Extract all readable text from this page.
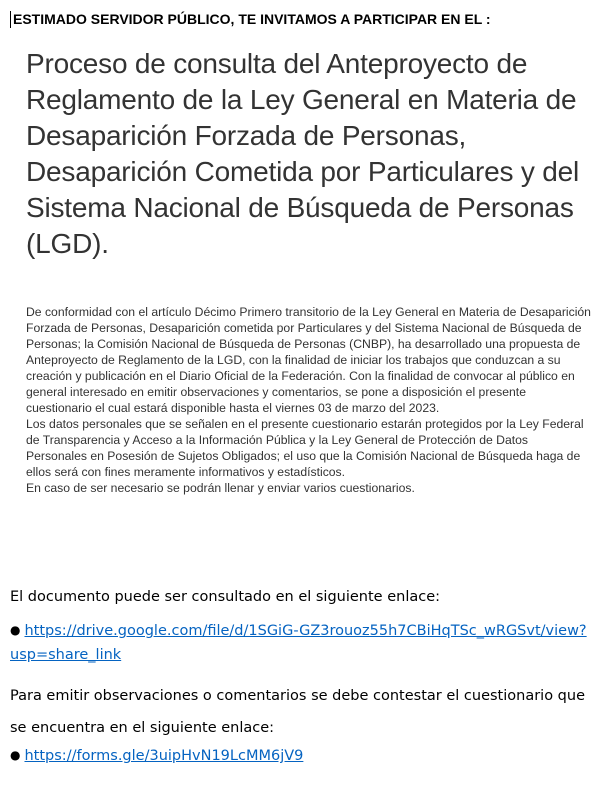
ESTIMADO SERVIDOR PÚBLICO, TE INVITAMOS A PARTICIPAR EN EL :
Proceso de consulta del Anteproyecto de Reglamento de la Ley General en Materia de Desaparición Forzada de Personas, Desaparición Cometida por Particulares y del Sistema Nacional de Búsqueda de Personas (LGD).

De conformidad con el artículo Décimo Primero transitorio de la Ley General en Materia de Desaparición Forzada de Personas, Desaparición cometida por Particulares y del Sistema Nacional de Búsqueda de Personas; la Comisión Nacional de Búsqueda de Personas (CNBP), ha desarrollado una propuesta de Anteproyecto de Reglamento de la LGD, con la finalidad de iniciar los trabajos que conduzcan a su creación y publicación en el Diario Oficial de la Federación. Con la finalidad de convocar al público en general interesado en emitir observaciones y comentarios, se pone a disposición el presente cuestionario el cual estará disponible hasta el viernes 03 de marzo del 2023.

Los datos personales que se señalen en el presente cuestionario estarán protegidos por la Ley Federal de Transparencia y Acceso a la Información Pública y la Ley General de Protección de Datos Personales en Posesión de Sujetos Obligados; el uso que la Comisión Nacional de Búsqueda haga de ellos será con fines meramente informativos y estadísticos.

En caso de ser necesario se podrán llenar y enviar varios cuestionarios.

El documento puede ser consultado en el siguiente enlace:
● https://drive.google.com/file/d/1SGiG-GZ3rouoz55h7CBiHqTSc_wRGSvt/view?usp=share_link
Para emitir observaciones o comentarios se debe contestar el cuestionario que se encuentra en el siguiente enlace:
● https://forms.gle/3uipHvN19LcMM6jV9
